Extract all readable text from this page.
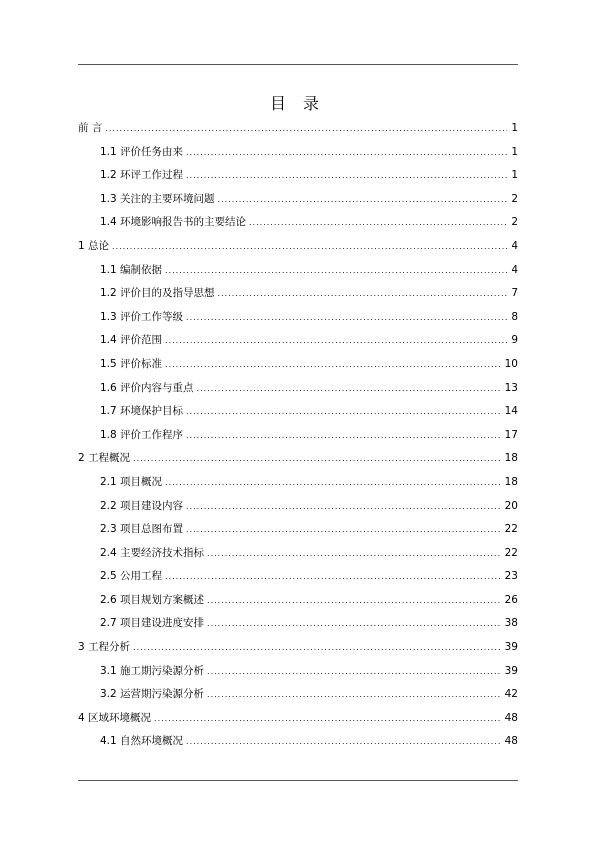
目 录
前 言 .....	1
1.1 评价任务由来 .....	1
1.2 环评工作过程 .....	1
1.3 关注的主要环境问题 .....	2
1.4 环境影响报告书的主要结论 .....	2
1 总论 .....	4
1.1 编制依据 .....	4
1.2 评价目的及指导思想 .....	7
1.3 评价工作等级 .....	8
1.4 评价范围 .....	9
1.5 评价标准 .....	10
1.6 评价内容与重点 .....	13
1.7 环境保护目标 .....	14
1.8 评价工作程序 .....	17
2 工程概况 .....	18
2.1 项目概况 .....	18
2.2 项目建设内容 .....	20
2.3 项目总图布置 .....	22
2.4 主要经济技术指标 .....	22
2.5 公用工程 .....	23
2.6 项目规划方案概述 .....	26
2.7 项目建设进度安排 .....	38
3 工程分析 .....	39
3.1 施工期污染源分析 .....	39
3.2 运营期污染源分析 .....	42
4 区域环境概况 .....	48
4.1 自然环境概况 .....	48
